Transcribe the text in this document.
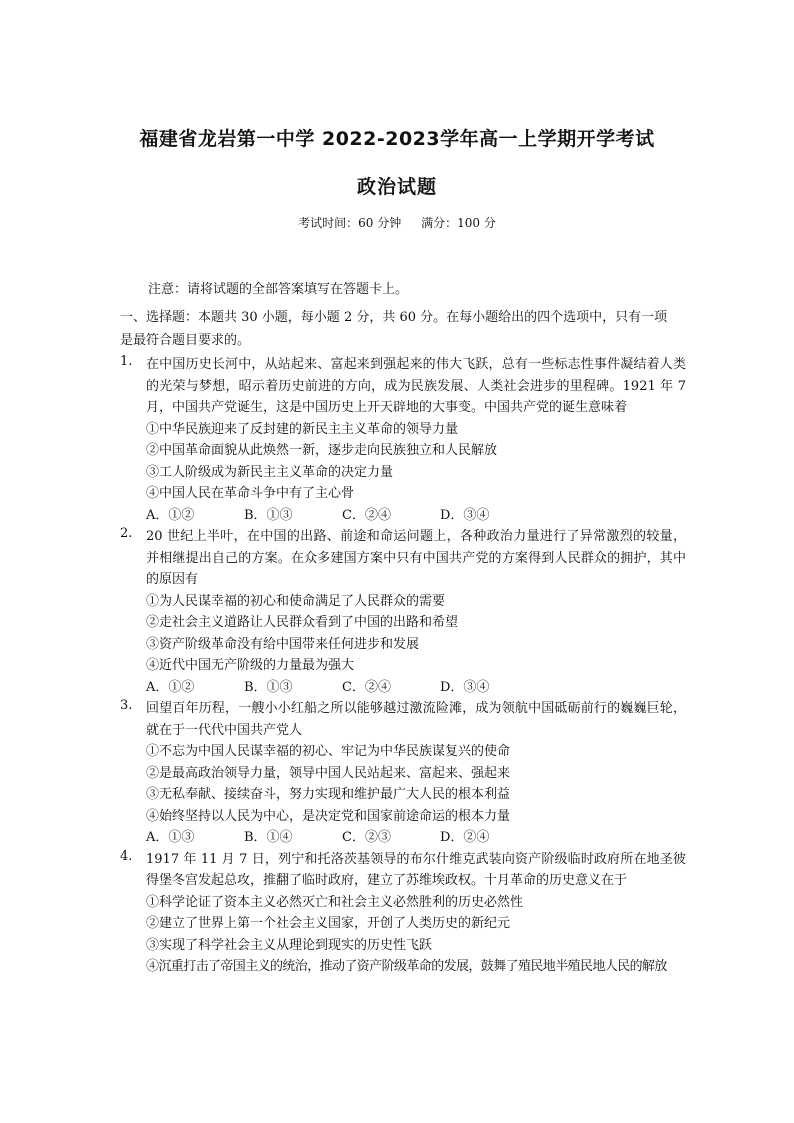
福建省龙岩第一中学 2022-2023学年高一上学期开学考试
政治试题
考试时间：60 分钟 满分：100 分
注意：请将试题的全部答案填写在答题卡上。
一、选择题：本题共 30 小题，每小题 2 分，共 60 分。在每小题给出的四个选项中，只有一项是最符合题目要求的。
1. 在中国历史长河中，从站起来、富起来到强起来的伟大飞跃，总有一些标志性事件凝结着人类的光荣与梦想，昭示着历史前进的方向，成为民族发展、人类社会进步的里程碑。1921 年 7 月，中国共产党诞生，这是中国历史上开天辟地的大事变。中国共产党的诞生意味着
①中华民族迎来了反封建的新民主主义革命的领导力量
②中国革命面貌从此焕然一新，逐步走向民族独立和人民解放
③工人阶级成为新民主主义革命的决定力量
④中国人民在革命斗争中有了主心骨
A．①②	B．①③	C．②④	D．③④
2. 20 世纪上半叶，在中国的出路、前途和命运问题上，各种政治力量进行了异常激烈的较量，并相继提出自己的方案。在众多建国方案中只有中国共产党的方案得到人民群众的拥护，其中的原因有
①为人民谋幸福的初心和使命满足了人民群众的需要
②走社会主义道路让人民群众看到了中国的出路和希望
③资产阶级革命没有给中国带来任何进步和发展
④近代中国无产阶级的力量最为强大
A．①②	B．①③	C．②④	D．③④
3. 回望百年历程，一艘小小红船之所以能够越过激流险滩，成为领航中国砥砺前行的巍巍巨轮，就在于一代代中国共产党人
①不忘为中国人民谋幸福的初心、牢记为中华民族谋复兴的使命
②是最高政治领导力量，领导中国人民站起来、富起来、强起来
③无私奉献、接续奋斗，努力实现和维护最广大人民的根本利益
④始终坚持以人民为中心，是决定党和国家前途命运的根本力量
A．①③	B．①④	C．②③	D．②④
4. 1917 年 11 月 7 日，列宁和托洛茨基领导的布尔什维克武装向资产阶级临时政府所在地圣彼得堡冬宫发起总攻，推翻了临时政府，建立了苏维埃政权。十月革命的历史意义在于
①科学论证了资本主义必然灭亡和社会主义必然胜利的历史必然性
②建立了世界上第一个社会主义国家，开创了人类历史的新纪元
③实现了科学社会主义从理论到现实的历史性飞跃
④沉重打击了帝国主义的统治，推动了资产阶级革命的发展，鼓舞了殖民地半殖民地人民的解放
